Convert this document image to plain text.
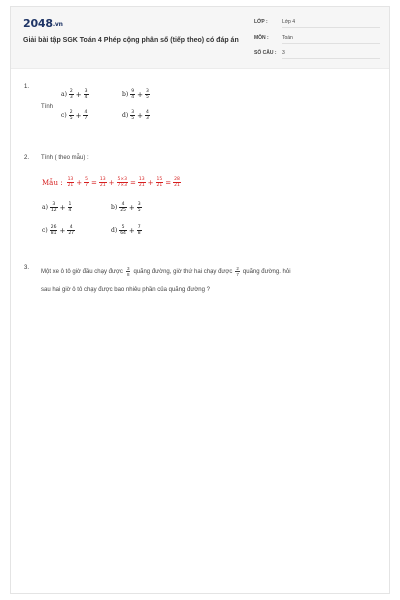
2048.vn
Giải bài tập SGK Toán 4 Phép cộng phân số (tiếp theo) có đáp án
LỚP :	Lớp 4
MÔN :	Toán
SỐ CÂU : 3
1.
Tính
$a) \frac{2}{3} + \frac{3}{4}$	$b) \frac{9}{4} + \frac{3}{5}$
$c) \frac{2}{5} + \frac{4}{7}$	$d) \frac{3}{5} + \frac{4}{3}$
2. Tính ( theo mẫu) :
Mẫu : $\frac{13}{21} + \frac{5}{7} = \frac{13}{21} + \frac{5\times 3}{7\times 3} = \frac{13}{21} + \frac{15}{21} = \frac{28}{21}$
$a) \frac{3}{12} + \frac{1}{4}$	$b) \frac{4}{25} + \frac{3}{5}$
$c) \frac{26}{81} + \frac{4}{27}$	$d) \frac{5}{64} + \frac{7}{8}$
3.
Một xe ô tô giờ đầu chạy được $\frac{3}{8}$ quãng đường, giờ thứ hai chạy được $\frac{2}{7}$ quãng đường. hỏi
sau hai giờ ô tô chạy được bao nhiêu phần của quãng đường ?
